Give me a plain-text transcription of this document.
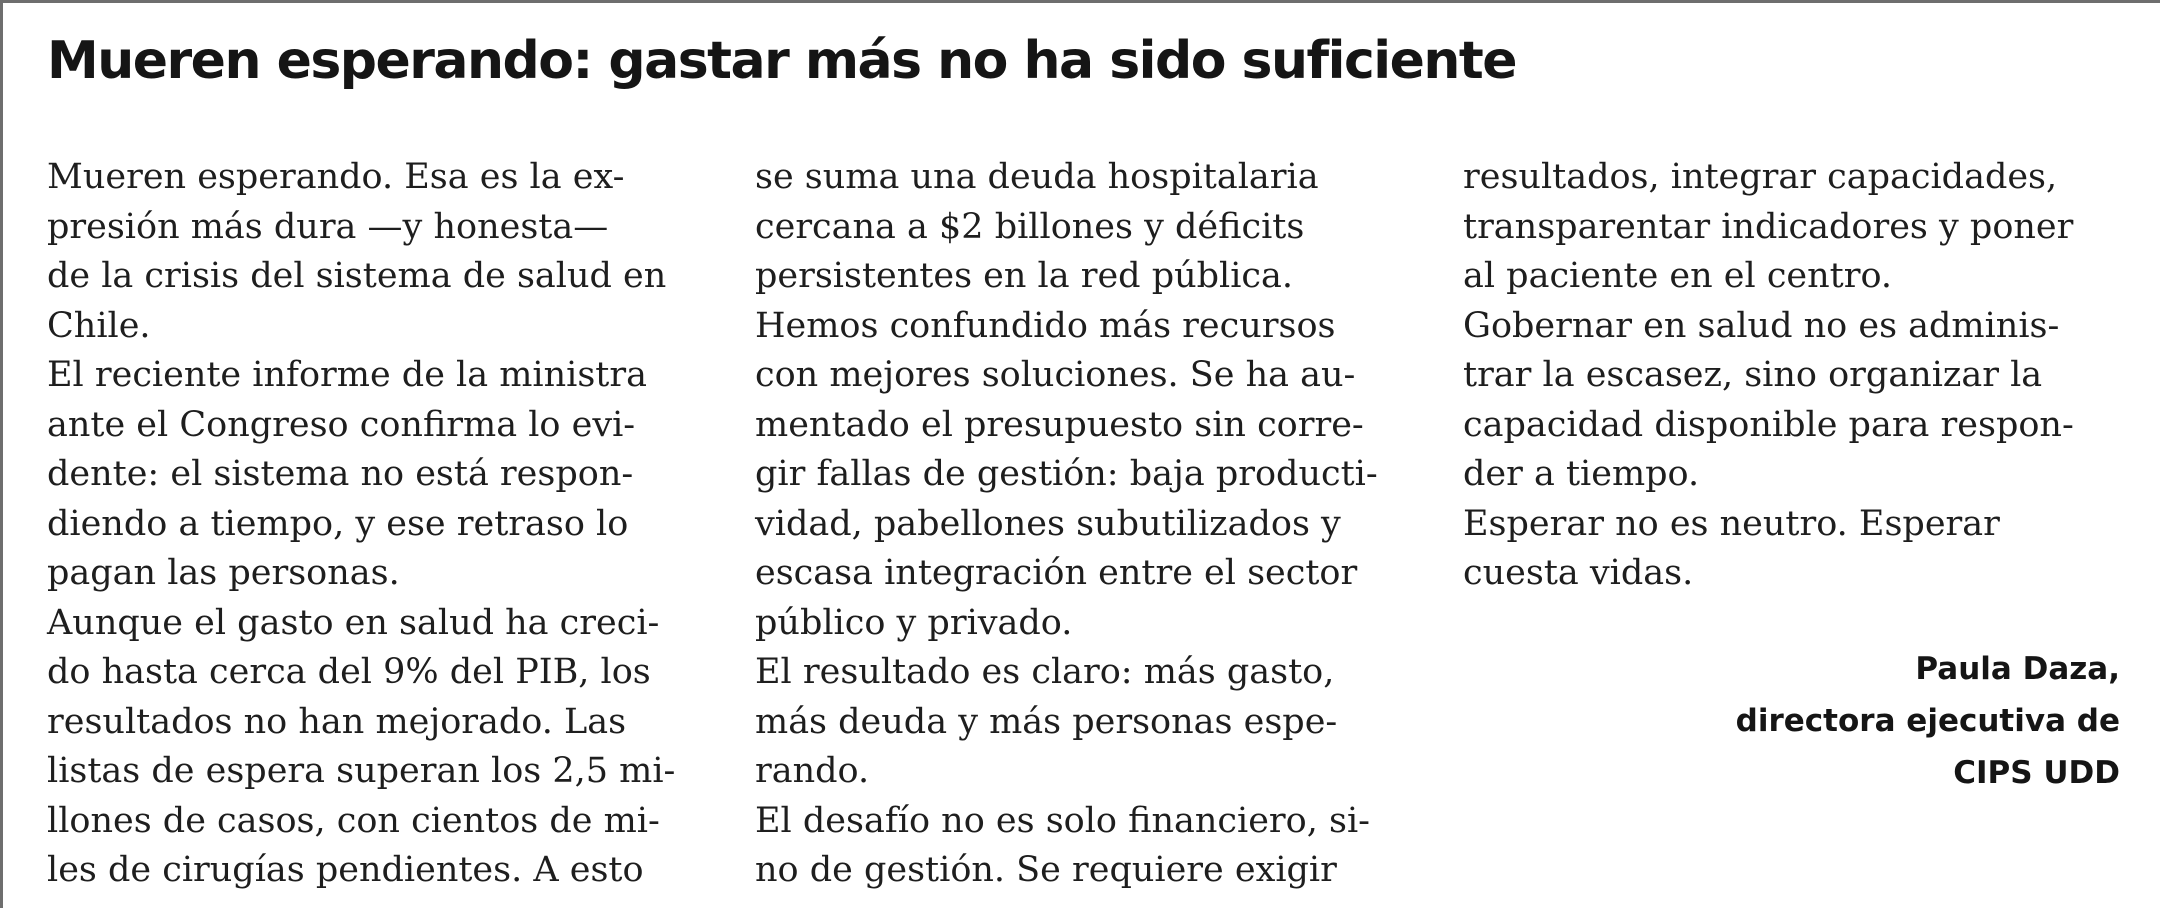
Mueren esperando: gastar más no ha sido suficiente
Mueren esperando. Esa es la ex-
presión más dura —y honesta—
de la crisis del sistema de salud en
Chile.
El reciente informe de la ministra
ante el Congreso confirma lo evi-
dente: el sistema no está respon-
diendo a tiempo, y ese retraso lo
pagan las personas.
Aunque el gasto en salud ha creci-
do hasta cerca del 9% del PIB, los
resultados no han mejorado. Las
listas de espera superan los 2,5 mi-
llones de casos, con cientos de mi-
les de cirugías pendientes. A esto
se suma una deuda hospitalaria
cercana a $2 billones y déficits
persistentes en la red pública.
Hemos confundido más recursos
con mejores soluciones. Se ha au-
mentado el presupuesto sin corre-
gir fallas de gestión: baja producti-
vidad, pabellones subutilizados y
escasa integración entre el sector
público y privado.
El resultado es claro: más gasto,
más deuda y más personas espe-
rando.
El desafío no es solo financiero, si-
no de gestión. Se requiere exigir
resultados, integrar capacidades,
transparentar indicadores y poner
al paciente en el centro.
Gobernar en salud no es adminis-
trar la escasez, sino organizar la
capacidad disponible para respon-
der a tiempo.
Esperar no es neutro. Esperar
cuesta vidas.
Paula Daza,
directora ejecutiva de
CIPS UDD
